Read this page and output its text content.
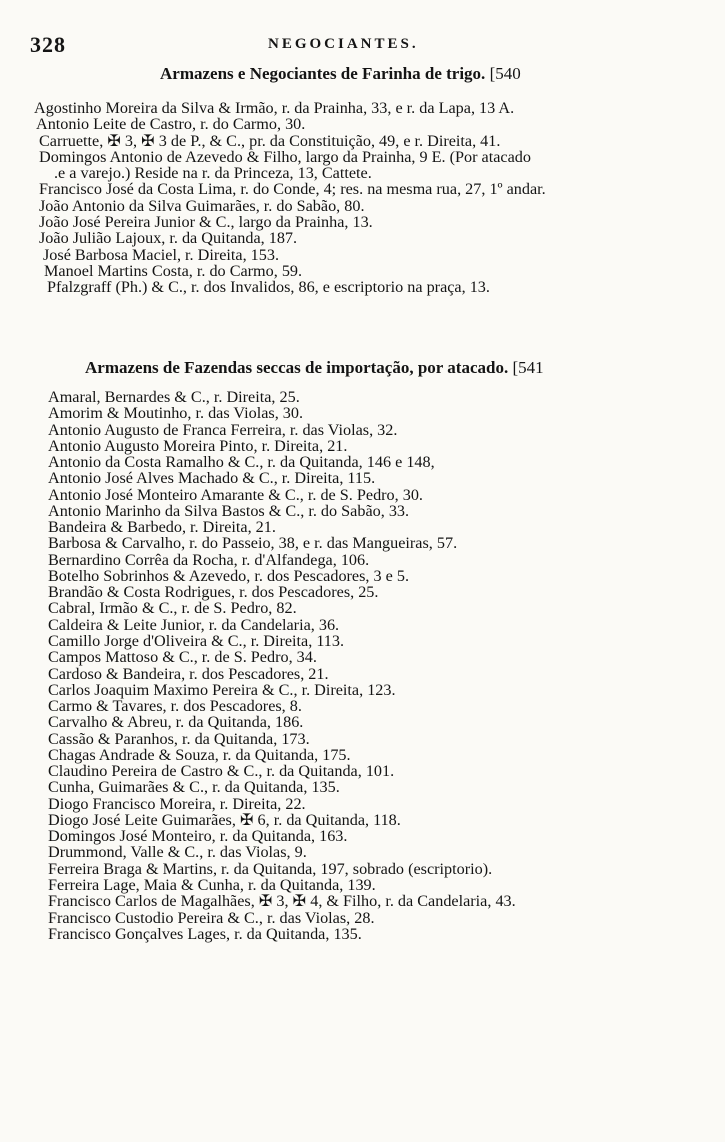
328	NEGOCIANTES.
Armazens e Negociantes de Farinha de trigo. [540
Agostinho Moreira da Silva & Irmão, r. da Prainha, 33, e r. da Lapa, 13 A.
Antonio Leite de Castro, r. do Carmo, 30.
Carruette, ✠ 3, ✠ 3 de P., & C., pr. da Constituição, 49, e r. Direita, 41.
Domingos Antonio de Azevedo & Filho, largo da Prainha, 9 E. (Por atacado
.e a varejo.) Reside na r. da Princeza, 13, Cattete.
Francisco José da Costa Lima, r. do Conde, 4; res. na mesma rua, 27, 1º andar.
João Antonio da Silva Guimarães, r. do Sabão, 80.
João José Pereira Junior & C., largo da Prainha, 13.
João Julião Lajoux, r. da Quitanda, 187.
José Barbosa Maciel, r. Direita, 153.
Manoel Martins Costa, r. do Carmo, 59.
Pfalzgraff (Ph.) & C., r. dos Invalidos, 86, e escriptorio na praça, 13.
Armazens de Fazendas seccas de importação, por atacado. [541
Amaral, Bernardes & C., r. Direita, 25.
Amorim & Moutinho, r. das Violas, 30.
Antonio Augusto de Franca Ferreira, r. das Violas, 32.
Antonio Augusto Moreira Pinto, r. Direita, 21.
Antonio da Costa Ramalho & C., r. da Quitanda, 146 e 148,
Antonio José Alves Machado & C., r. Direita, 115.
Antonio José Monteiro Amarante & C., r. de S. Pedro, 30.
Antonio Marinho da Silva Bastos & C., r. do Sabão, 33.
Bandeira & Barbedo, r. Direita, 21.
Barbosa & Carvalho, r. do Passeio, 38, e r. das Mangueiras, 57.
Bernardino Corrêa da Rocha, r. d'Alfandega, 106.
Botelho Sobrinhos & Azevedo, r. dos Pescadores, 3 e 5.
Brandão & Costa Rodrigues, r. dos Pescadores, 25.
Cabral, Irmão & C., r. de S. Pedro, 82.
Caldeira & Leite Junior, r. da Candelaria, 36.
Camillo Jorge d'Oliveira & C., r. Direita, 113.
Campos Mattoso & C., r. de S. Pedro, 34.
Cardoso & Bandeira, r. dos Pescadores, 21.
Carlos Joaquim Maximo Pereira & C., r. Direita, 123.
Carmo & Tavares, r. dos Pescadores, 8.
Carvalho & Abreu, r. da Quitanda, 186.
Cassão & Paranhos, r. da Quitanda, 173.
Chagas Andrade & Souza, r. da Quitanda, 175.
Claudino Pereira de Castro & C., r. da Quitanda, 101.
Cunha, Guimarães & C., r. da Quitanda, 135.
Diogo Francisco Moreira, r. Direita, 22.
Diogo José Leite Guimarães, ✠ 6, r. da Quitanda, 118.
Domingos José Monteiro, r. da Quitanda, 163.
Drummond, Valle & C., r. das Violas, 9.
Ferreira Braga & Martins, r. da Quitanda, 197, sobrado (escriptorio).
Ferreira Lage, Maia & Cunha, r. da Quitanda, 139.
Francisco Carlos de Magalhães, ✠ 3, ✠ 4, & Filho, r. da Candelaria, 43.
Francisco Custodio Pereira & C., r. das Violas, 28.
Francisco Gonçalves Lages, r. da Quitanda, 135.
